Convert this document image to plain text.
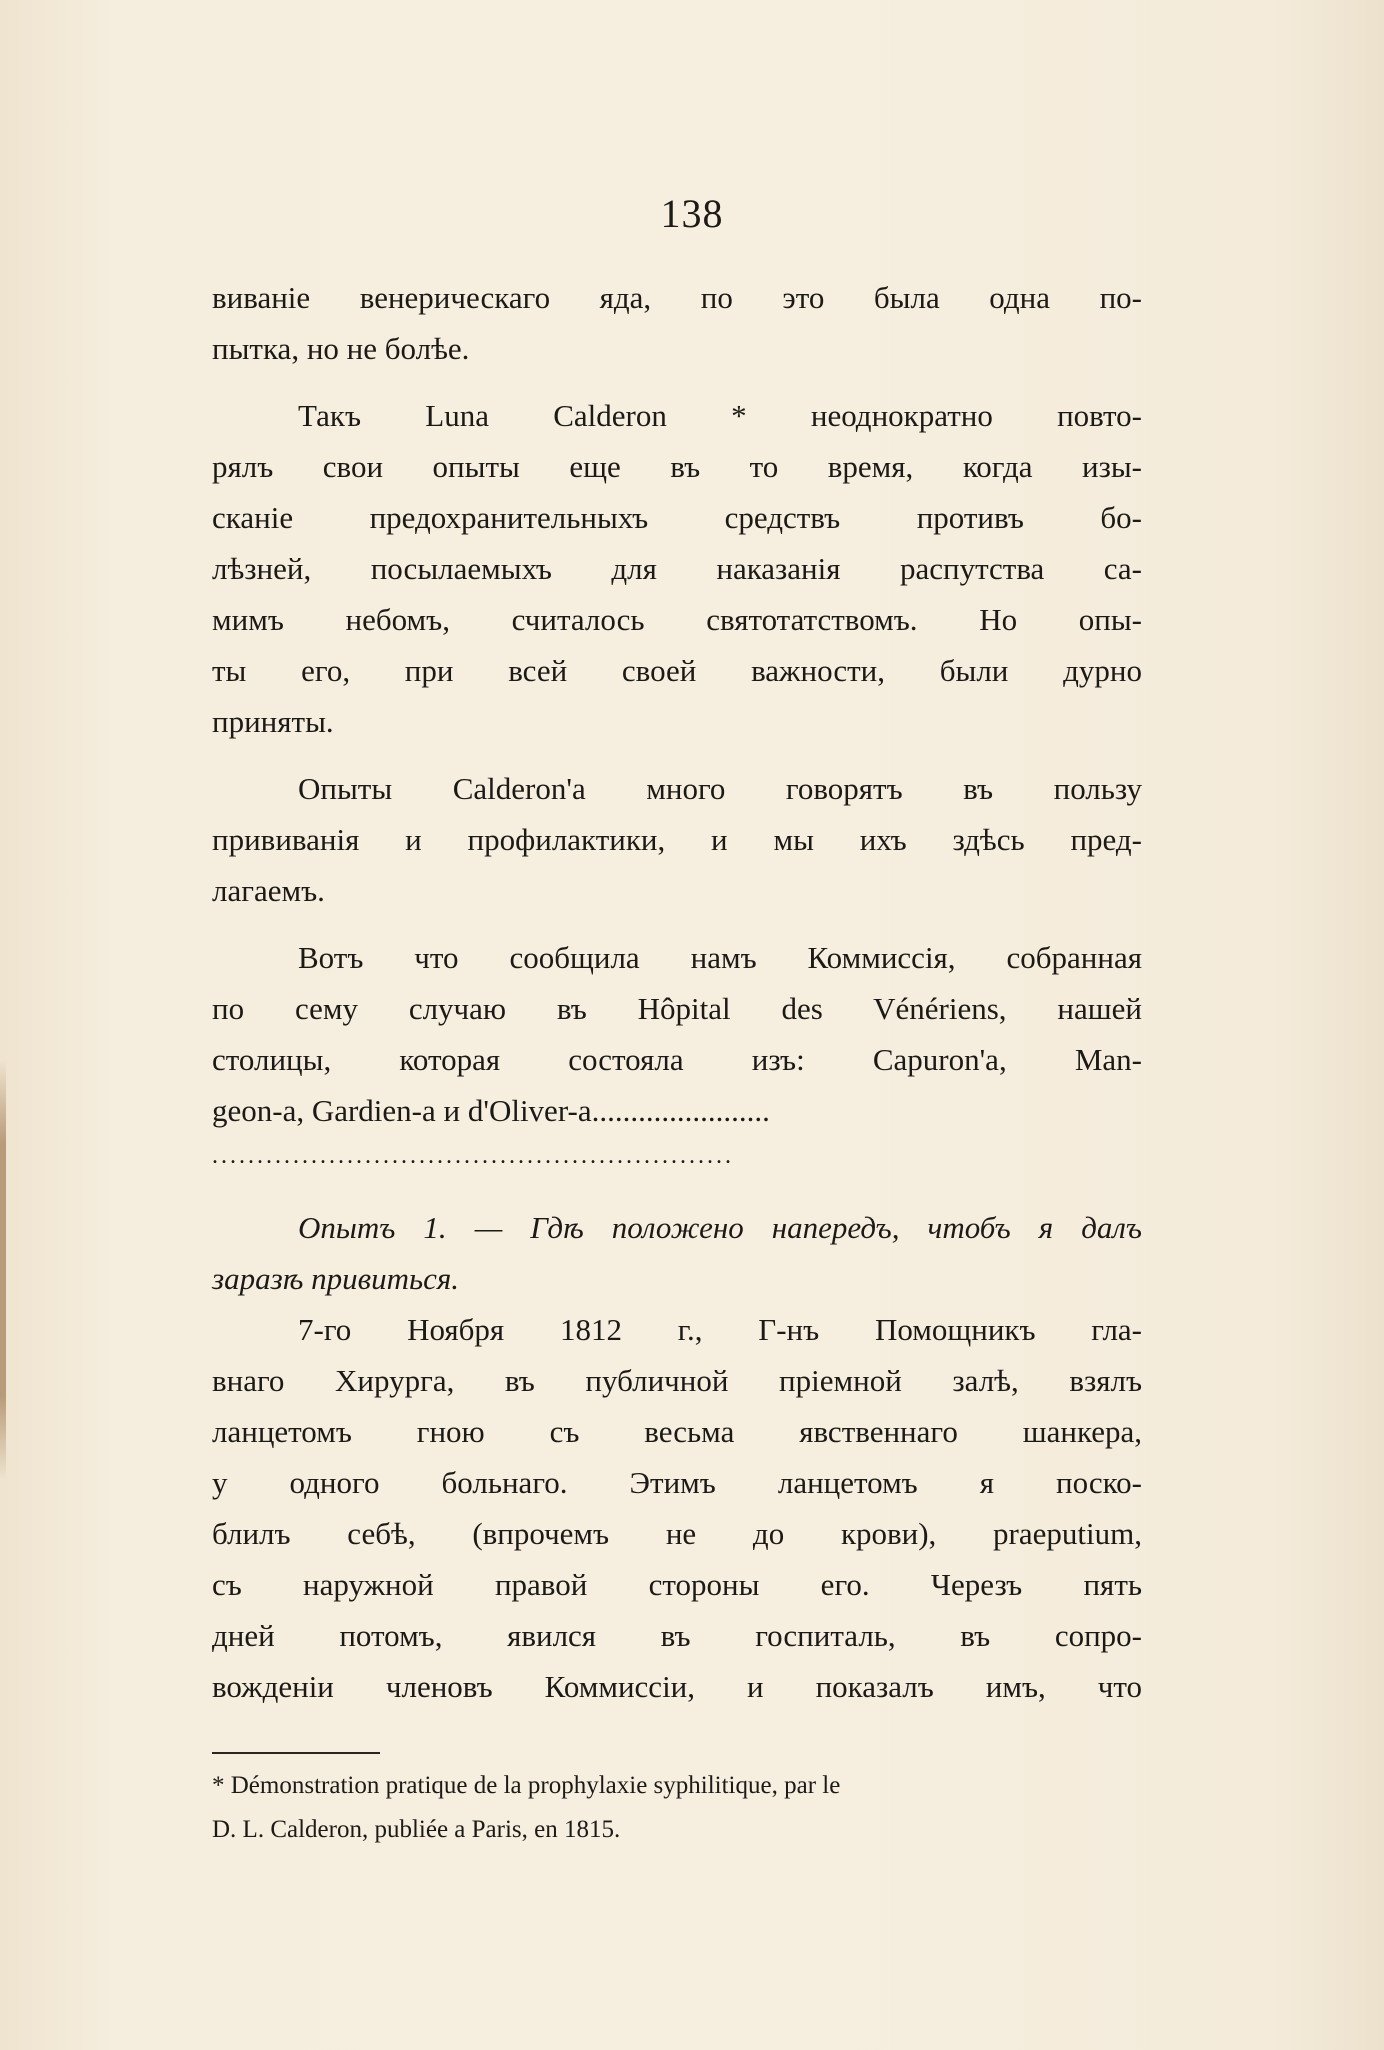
138
виваніе венерическаго яда, по это была одна по-
пытка, но не болѣе.
Такъ Luna Calderon * неоднократно повто-
рялъ свои опыты еще въ то время, когда изы-
сканіе предохранительныхъ средствъ противъ бо-
лѣзней, посылаемыхъ для наказанія распутства са-
мимъ небомъ, считалось святотатствомъ. Но опы-
ты его, при всей своей важности, были дурно
приняты.
Опыты Calderon'а много говорятъ въ пользу
прививанія и профилактики, и мы ихъ здѣсь пред-
лагаемъ.
Вотъ что сообщила намъ Коммиссія, собранная
по сему случаю въ Hôpital des Vénériens, нашей
столицы, которая состояла изъ: Capuron'а, Man-
geon-а, Gardien-а и d'Oliver-а.......................
..........................................................
Опытъ 1. — Гдѣ положено напередъ, чтобъ я далъ
заразѣ привиться.
7-го Ноября 1812 г., Г-нъ Помощникъ гла-
внаго Хирурга, въ публичной пріемной залѣ, взялъ
ланцетомъ гною съ весьма явственнаго шанкера,
у одного больнаго. Этимъ ланцетомъ я поско-
блилъ себѣ, (впрочемъ не до крови), praeputium,
съ наружной правой стороны его. Черезъ пять
дней потомъ, явился въ госпиталь, въ сопро-
вожденіи членовъ Коммиссіи, и показалъ имъ, что
* Démonstration pratique de la prophylaxie syphilitique, par le
D. L. Calderon, publiée a Paris, en 1815.
